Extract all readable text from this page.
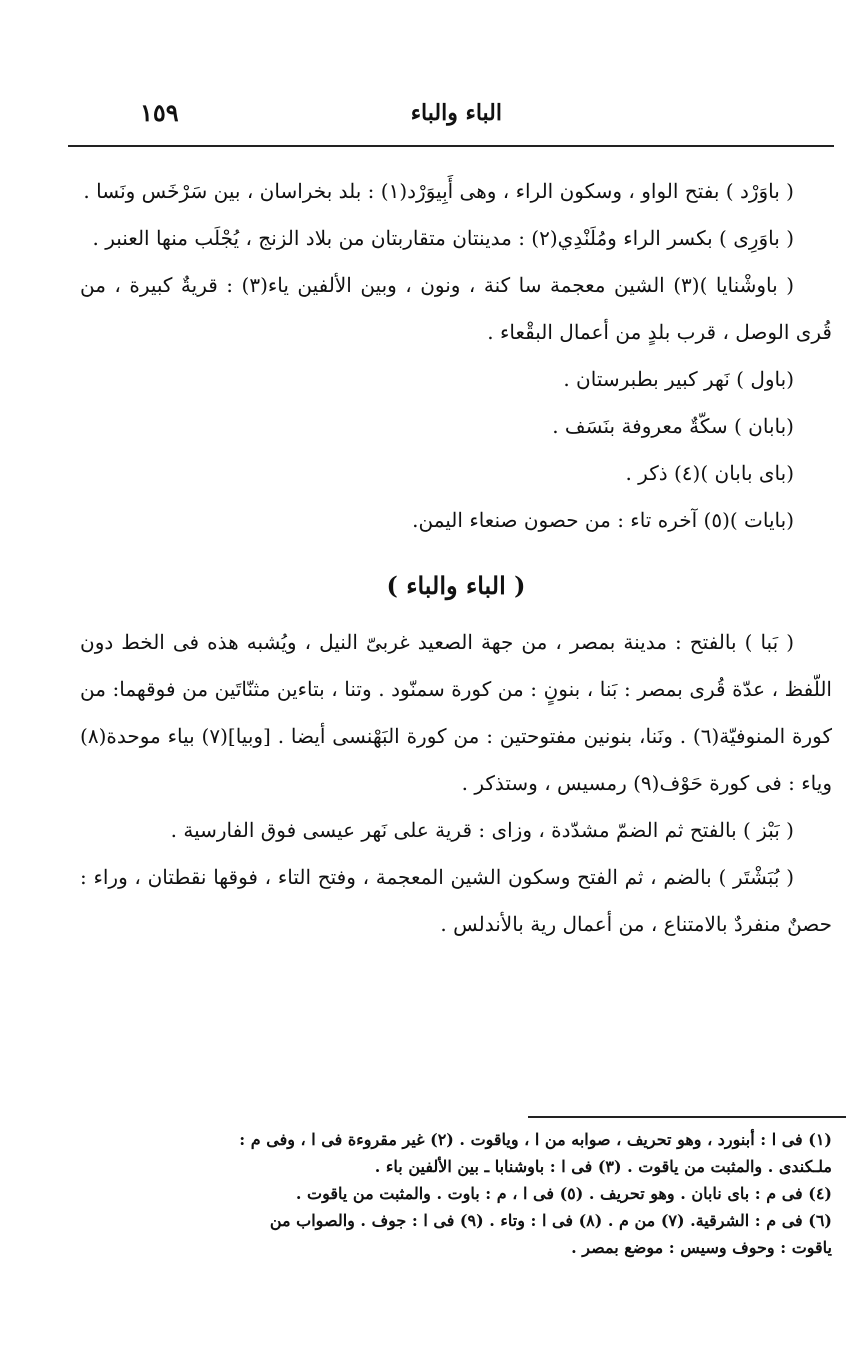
الباء والباء
١٥٩

( باوَرْد ) بفتح الواو ، وسكون الراء ، وهى أَبِيوَرْد(١) : بلد بخراسان ، بين سَرْخَس ونَسا .

( باوَرِى ) بكسر الراء ومُلَنْدِي(٢) : مدينتان متقاربتان من بلاد الزنج ، يُجْلَب منها العنبر .

( باوشْنايا )(٣) الشين معجمة سا كنة ، ونون ، وبين الألفين ياء(٣) : قريةٌ كبيرة ، من قُرى الوصل ، قرب بلدٍ من أعمال البقْعاء .

(باول ) نَهر كبير بطبرستان .

(بابان ) سكّةٌ معروفة بنَسَف .

(باى بابان )(٤) ذكر .

(بايات )(٥) آخره تاء : من حصون صنعاء اليمن.

( الباء والباء )

( بَبا ) بالفتح : مدينة بمصر ، من جهة الصعيد غربىّ النيل ، ويُشبه هذه فى الخط دون اللّفظ ، عدّة قُرى بمصر : بَنا ، بنونٍ : من كورة سمنّود . وتنا ، بتاءين مثنّاتَين من فوقهما: من كورة المنوفيّة(٦) . ونَنا، بنونين مفتوحتين : من كورة البَهْنسى أيضا . [وبيا](٧) بياء موحدة(٨) وياء : فى كورة حَوْف(٩) رمسيس ، وستذكر .

( بَبْز ) بالفتح ثم الضمّ مشدّدة ، وزاى : قرية على نَهر عيسى فوق الفارسية .

( بُبَشْتَر ) بالضم ، ثم الفتح وسكون الشين المعجمة ، وفتح التاء ، فوقها نقطتان ، وراء : حصنٌ منفردٌ بالامتناع ، من أعمال رية بالأندلس .

(١) فى ا : أبنورد ، وهو تحريف ، صوابه من ا ، وياقوت . (٢) غير مقروءة فى ا ، وفى م :

ملـكندى . والمثبت من ياقوت . (٣) فى ا : باوشنابا ـ بين الألفين باء .

(٤) فى م : باى نابان . وهو تحريف . (٥) فى ا ، م : باوت . والمثبت من ياقوت .

(٦) فى م : الشرقية. (٧) من م . (٨) فى ا : وتاء . (٩) فى ا : جوف . والصواب من

ياقوت : وحوف وسيس : موضع بمصر .
